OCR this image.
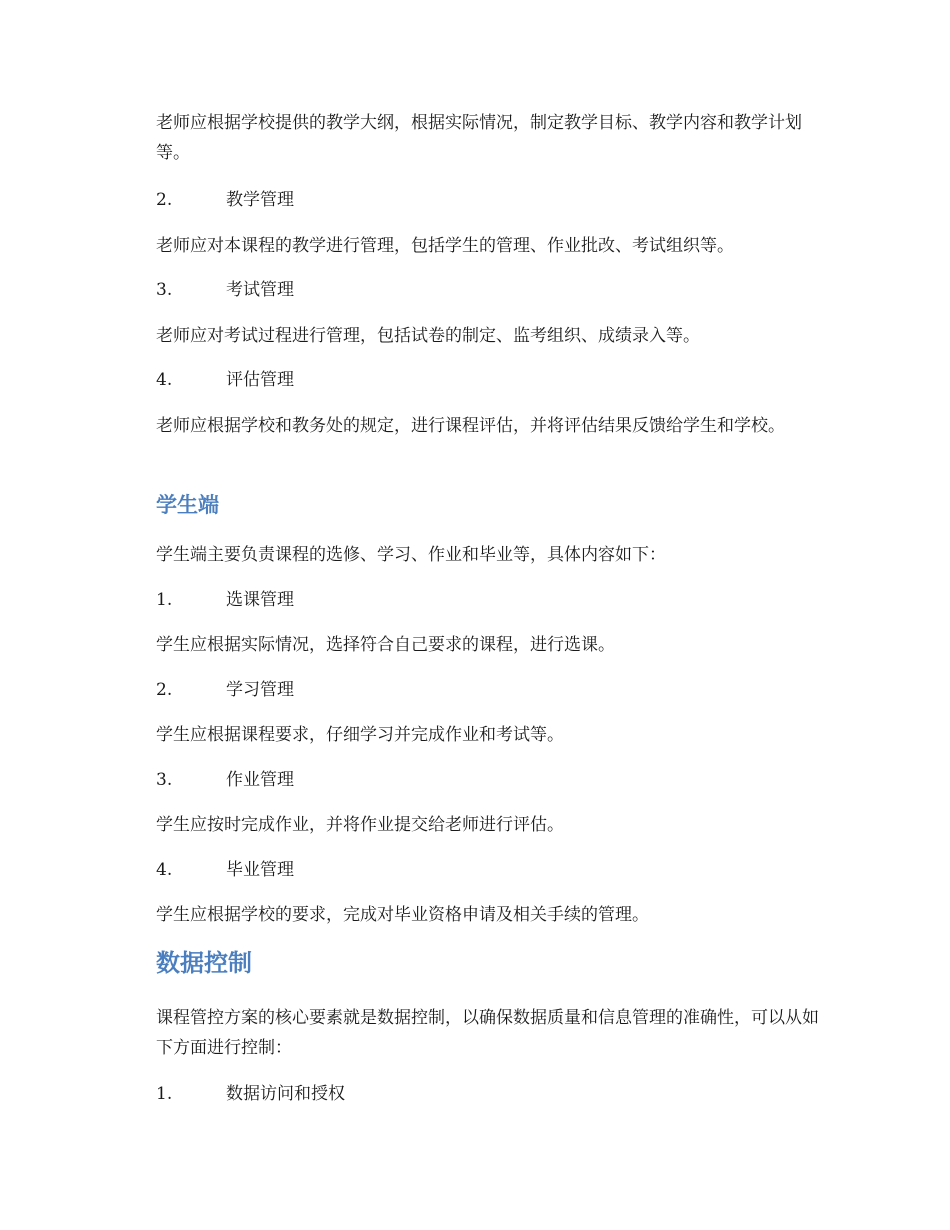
老师应根据学校提供的教学大纲，根据实际情况，制定教学目标、教学内容和教学计划等。

2.	教学管理

老师应对本课程的教学进行管理，包括学生的管理、作业批改、考试组织等。

3.	考试管理

老师应对考试过程进行管理，包括试卷的制定、监考组织、成绩录入等。

4.	评估管理

老师应根据学校和教务处的规定，进行课程评估，并将评估结果反馈给学生和学校。

学生端

学生端主要负责课程的选修、学习、作业和毕业等，具体内容如下：

1.	选课管理

学生应根据实际情况，选择符合自己要求的课程，进行选课。

2.	学习管理

学生应根据课程要求，仔细学习并完成作业和考试等。

3.	作业管理

学生应按时完成作业，并将作业提交给老师进行评估。

4.	毕业管理

学生应根据学校的要求，完成对毕业资格申请及相关手续的管理。

数据控制

课程管控方案的核心要素就是数据控制，以确保数据质量和信息管理的准确性，可以从如下方面进行控制：

1.	数据访问和授权
